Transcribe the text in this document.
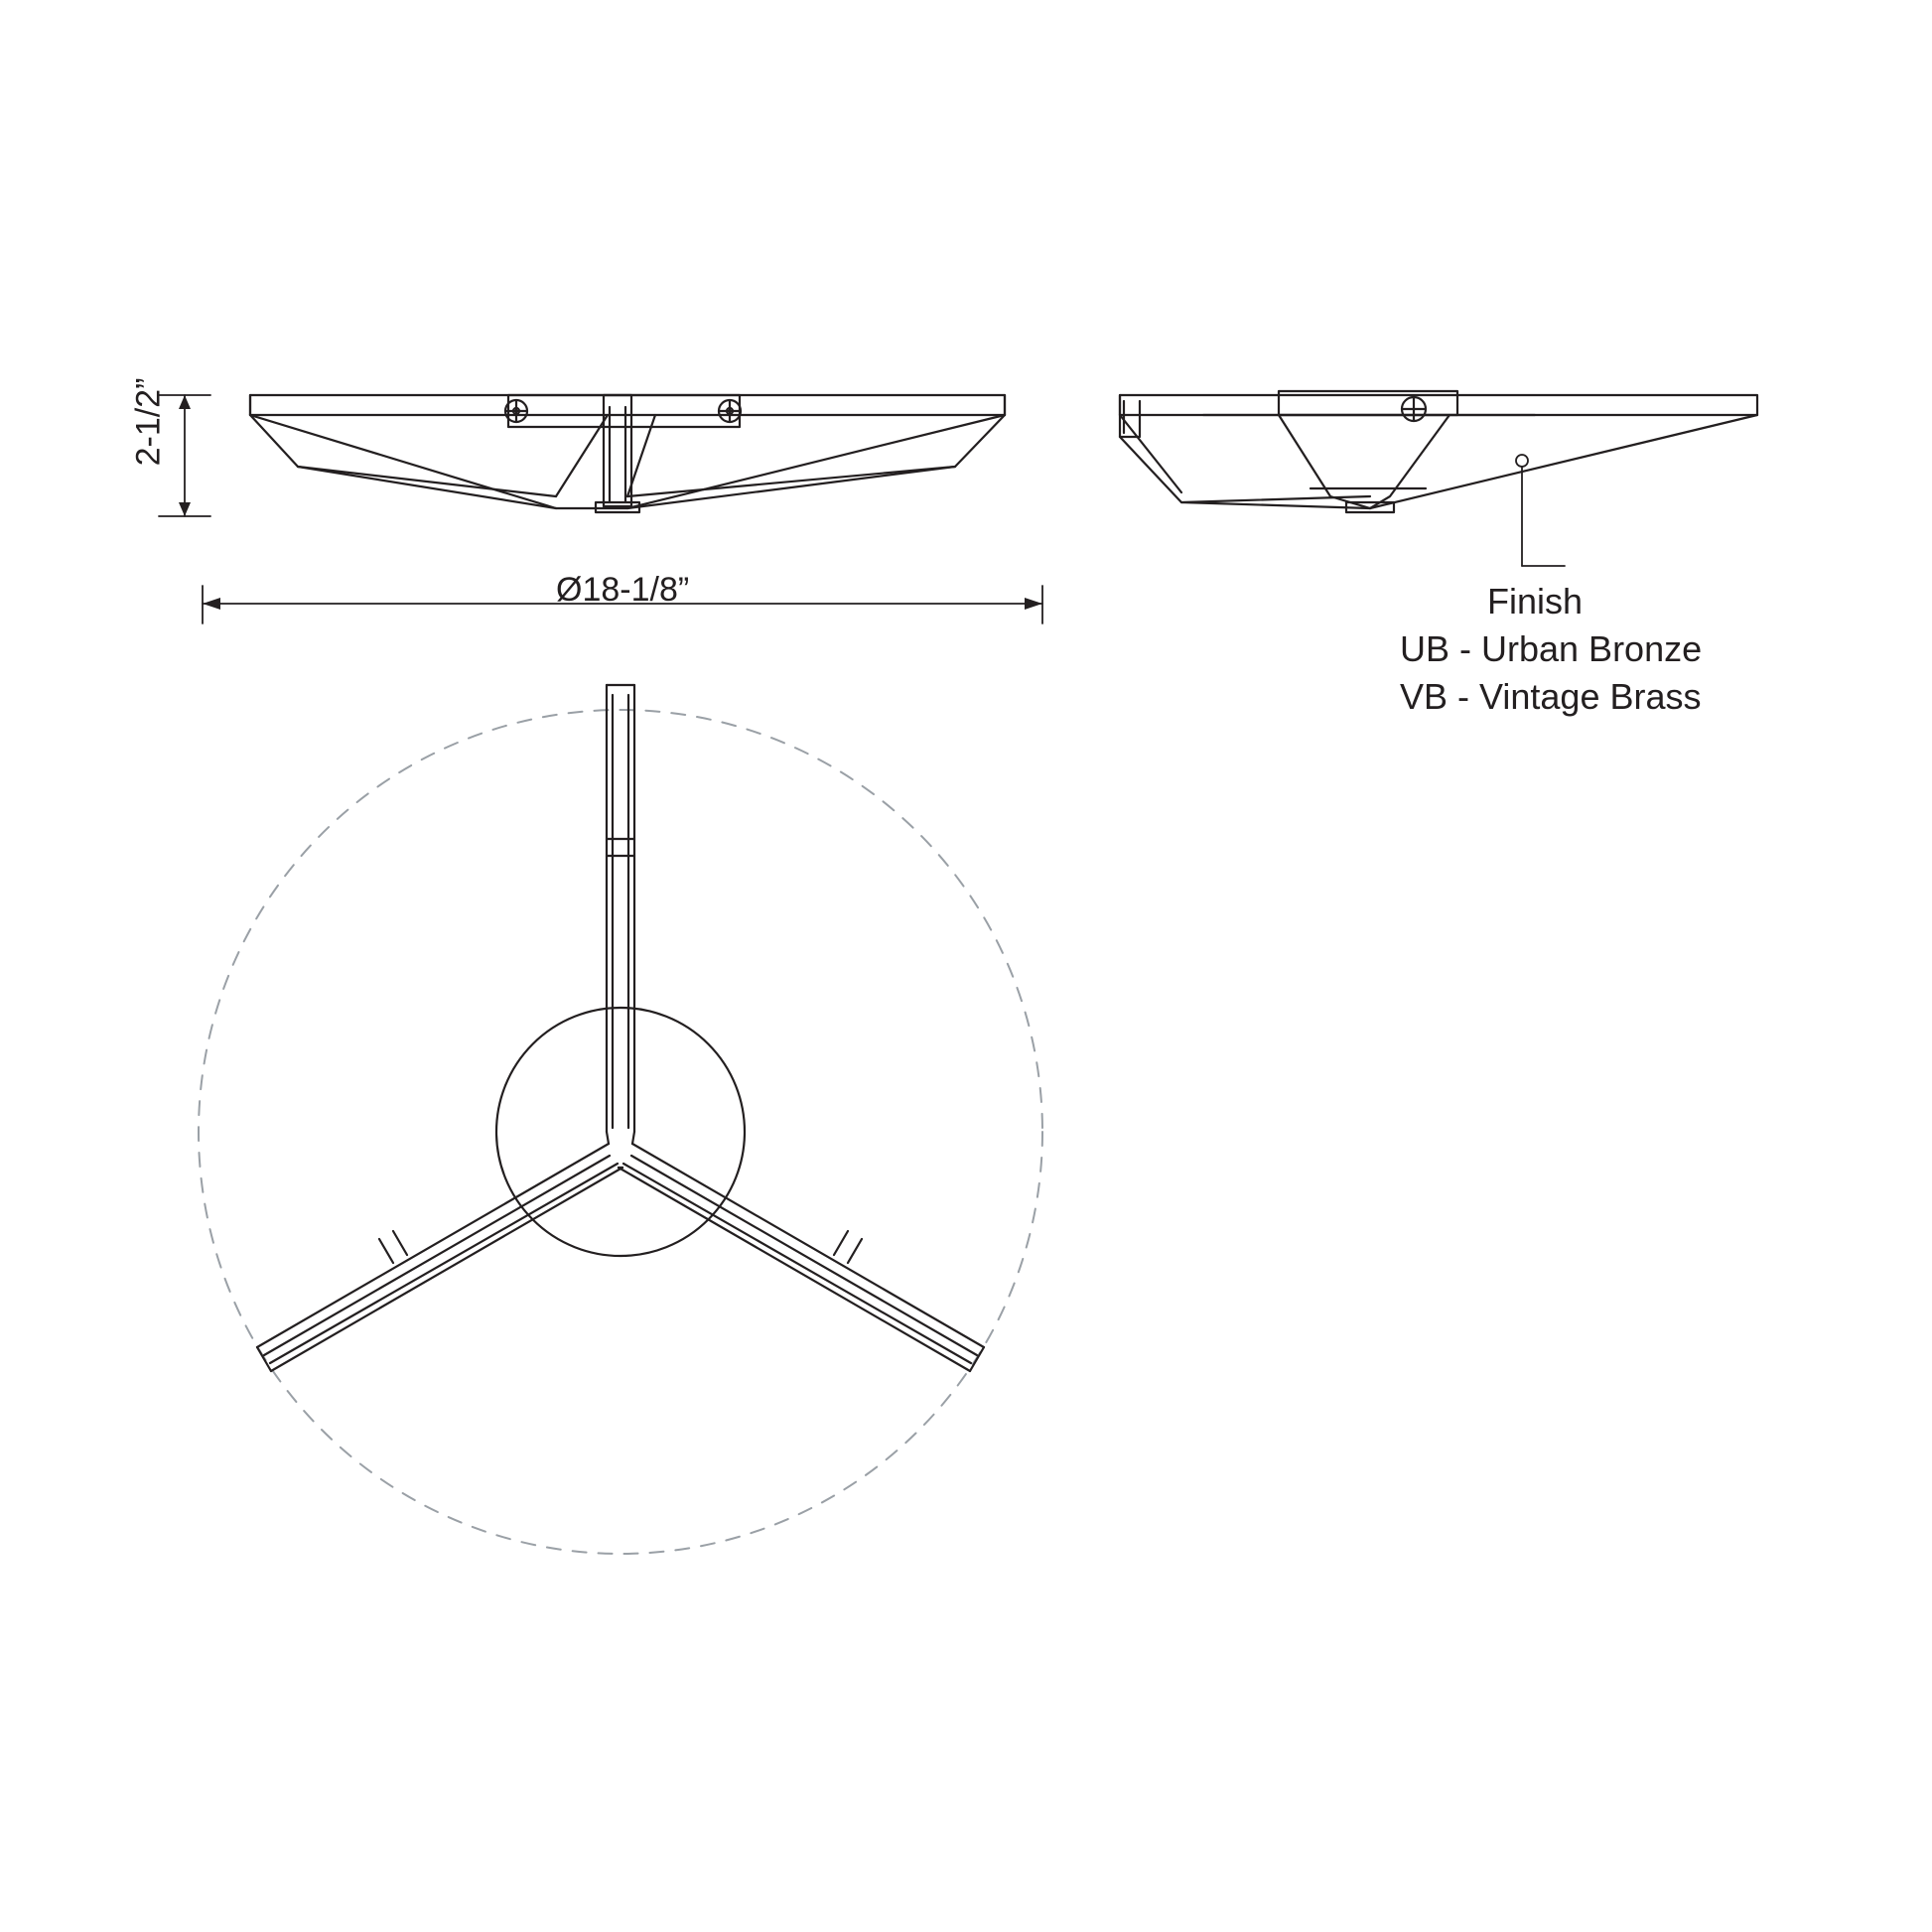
2-1/2”
Ø18-1/8”	Finish
UB - Urban Bronze
VB - Vintage Brass
